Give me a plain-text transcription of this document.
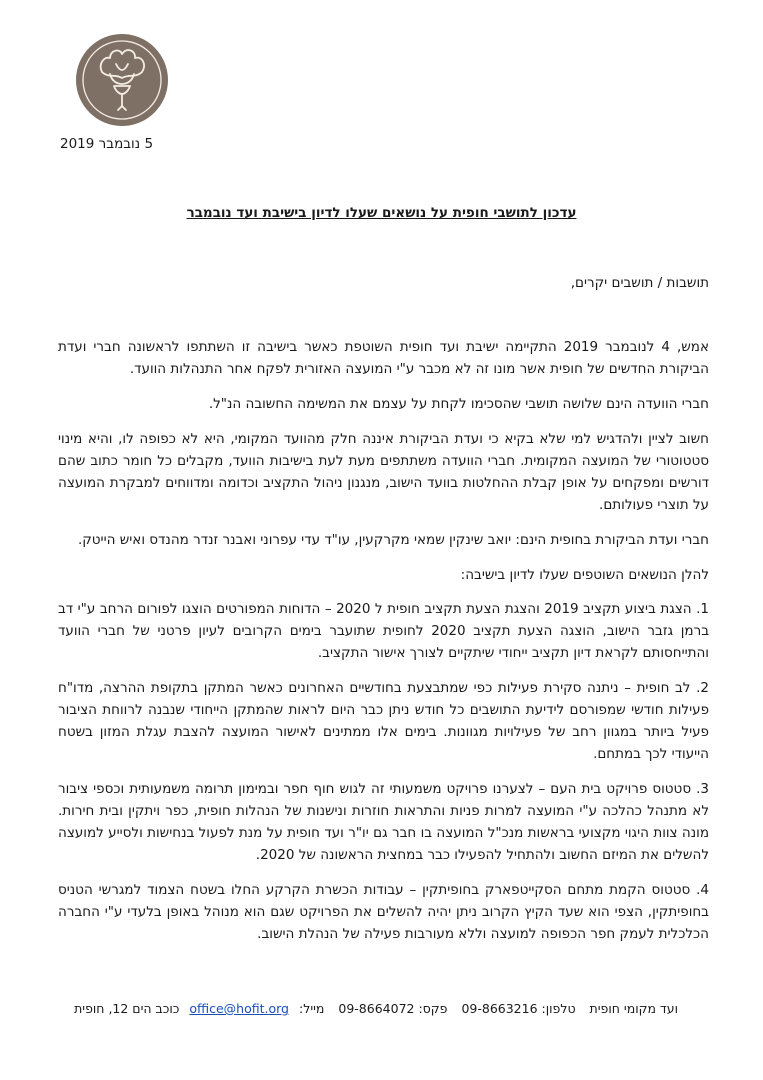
5 נובמבר 2019
עדכון לתושבי חופית על נושאים שעלו לדיון בישיבת ועד נובמבר

תושבות / תושבים יקרים,

אמש, 4 לנובמבר 2019 התקיימה ישיבת ועד חופית השוטפת כאשר בישיבה זו השתתפו לראשונה חברי ועדת הביקורת החדשים של חופית אשר מונו זה לא מכבר ע"י המועצה האזורית לפקח אחר התנהלות הוועד.

חברי הוועדה הינם שלושה תושבי שהסכימו לקחת על עצמם את המשימה החשובה הנ"ל.

חשוב לציין ולהדגיש למי שלא בקיא כי ועדת הביקורת איננה חלק מהוועד המקומי, היא לא כפופה לו, והיא מינוי סטטוטורי של המועצה המקומית. חברי הוועדה משתתפים מעת לעת בישיבות הוועד, מקבלים כל חומר כתוב שהם דורשים ומפקחים על אופן קבלת ההחלטות בוועד הישוב, מנגנון ניהול התקציב וכדומה ומדווחים למבקרת המועצה על תוצרי פעולותם.

חברי ועדת הביקורת בחופית הינם: יואב שינקין שמאי מקרקעין, עו"ד עדי עפרוני ואבנר זנדר מהנדס ואיש הייטק.

להלן הנושאים השוטפים שעלו לדיון בישיבה:

1. הצגת ביצוע תקציב 2019 והצגת הצעת תקציב חופית ל 2020 – הדוחות המפורטים הוצגו לפורום הרחב ע"י דב ברמן גזבר הישוב, הוצגה הצעת תקציב 2020 לחופית שתועבר בימים הקרובים לעיון פרטני של חברי הוועד והתייחסותם לקראת דיון תקציב ייחודי שיתקיים לצורך אישור התקציב.

2. לב חופית – ניתנה סקירת פעילות כפי שמתבצעת בחודשיים האחרונים כאשר המתקן בתקופת ההרצה, מדו"ח פעילות חודשי שמפורסם לידיעת התושבים כל חודש ניתן כבר היום לראות שהמתקן הייחודי שנבנה לרווחת הציבור פעיל ביותר במגוון רחב של פעילויות מגוונות. בימים אלו ממתינים לאישור המועצה להצבת עגלת המזון בשטח הייעודי לכך במתחם.

3. סטטוס פרויקט בית העם – לצערנו פרויקט משמעותי זה לגוש חוף חפר ובמימון תרומה משמעותית וכספי ציבור לא מתנהל כהלכה ע"י המועצה למרות פניות והתראות חוזרות ונישנות של הנהלות חופית, כפר ויתקין ובית חירות. מונה צוות היגוי מקצועי בראשות מנכ"ל המועצה בו חבר גם יו"ר ועד חופית על מנת לפעול בנחישות ולסייע למועצה להשלים את המיזם החשוב ולהתחיל להפעילו כבר במחצית הראשונה של 2020.

4. סטטוס הקמת מתחם הסקייטפארק בחופיתקין – עבודות הכשרת הקרקע החלו בשטח הצמוד למגרשי הטניס בחופיתקין, הצפי הוא שעד הקיץ הקרוב ניתן יהיה להשלים את הפרויקט שגם הוא מנוהל באופן בלעדי ע"י החברה הכלכלית לעמק חפר הכפופה למועצה וללא מעורבות פעילה של הנהלת הישוב.

ועד מקומי חופית טלפון: 09-8663216 פקס: 09-8664072 מייל:office@hofit.org כוכב הים 12, חופית
